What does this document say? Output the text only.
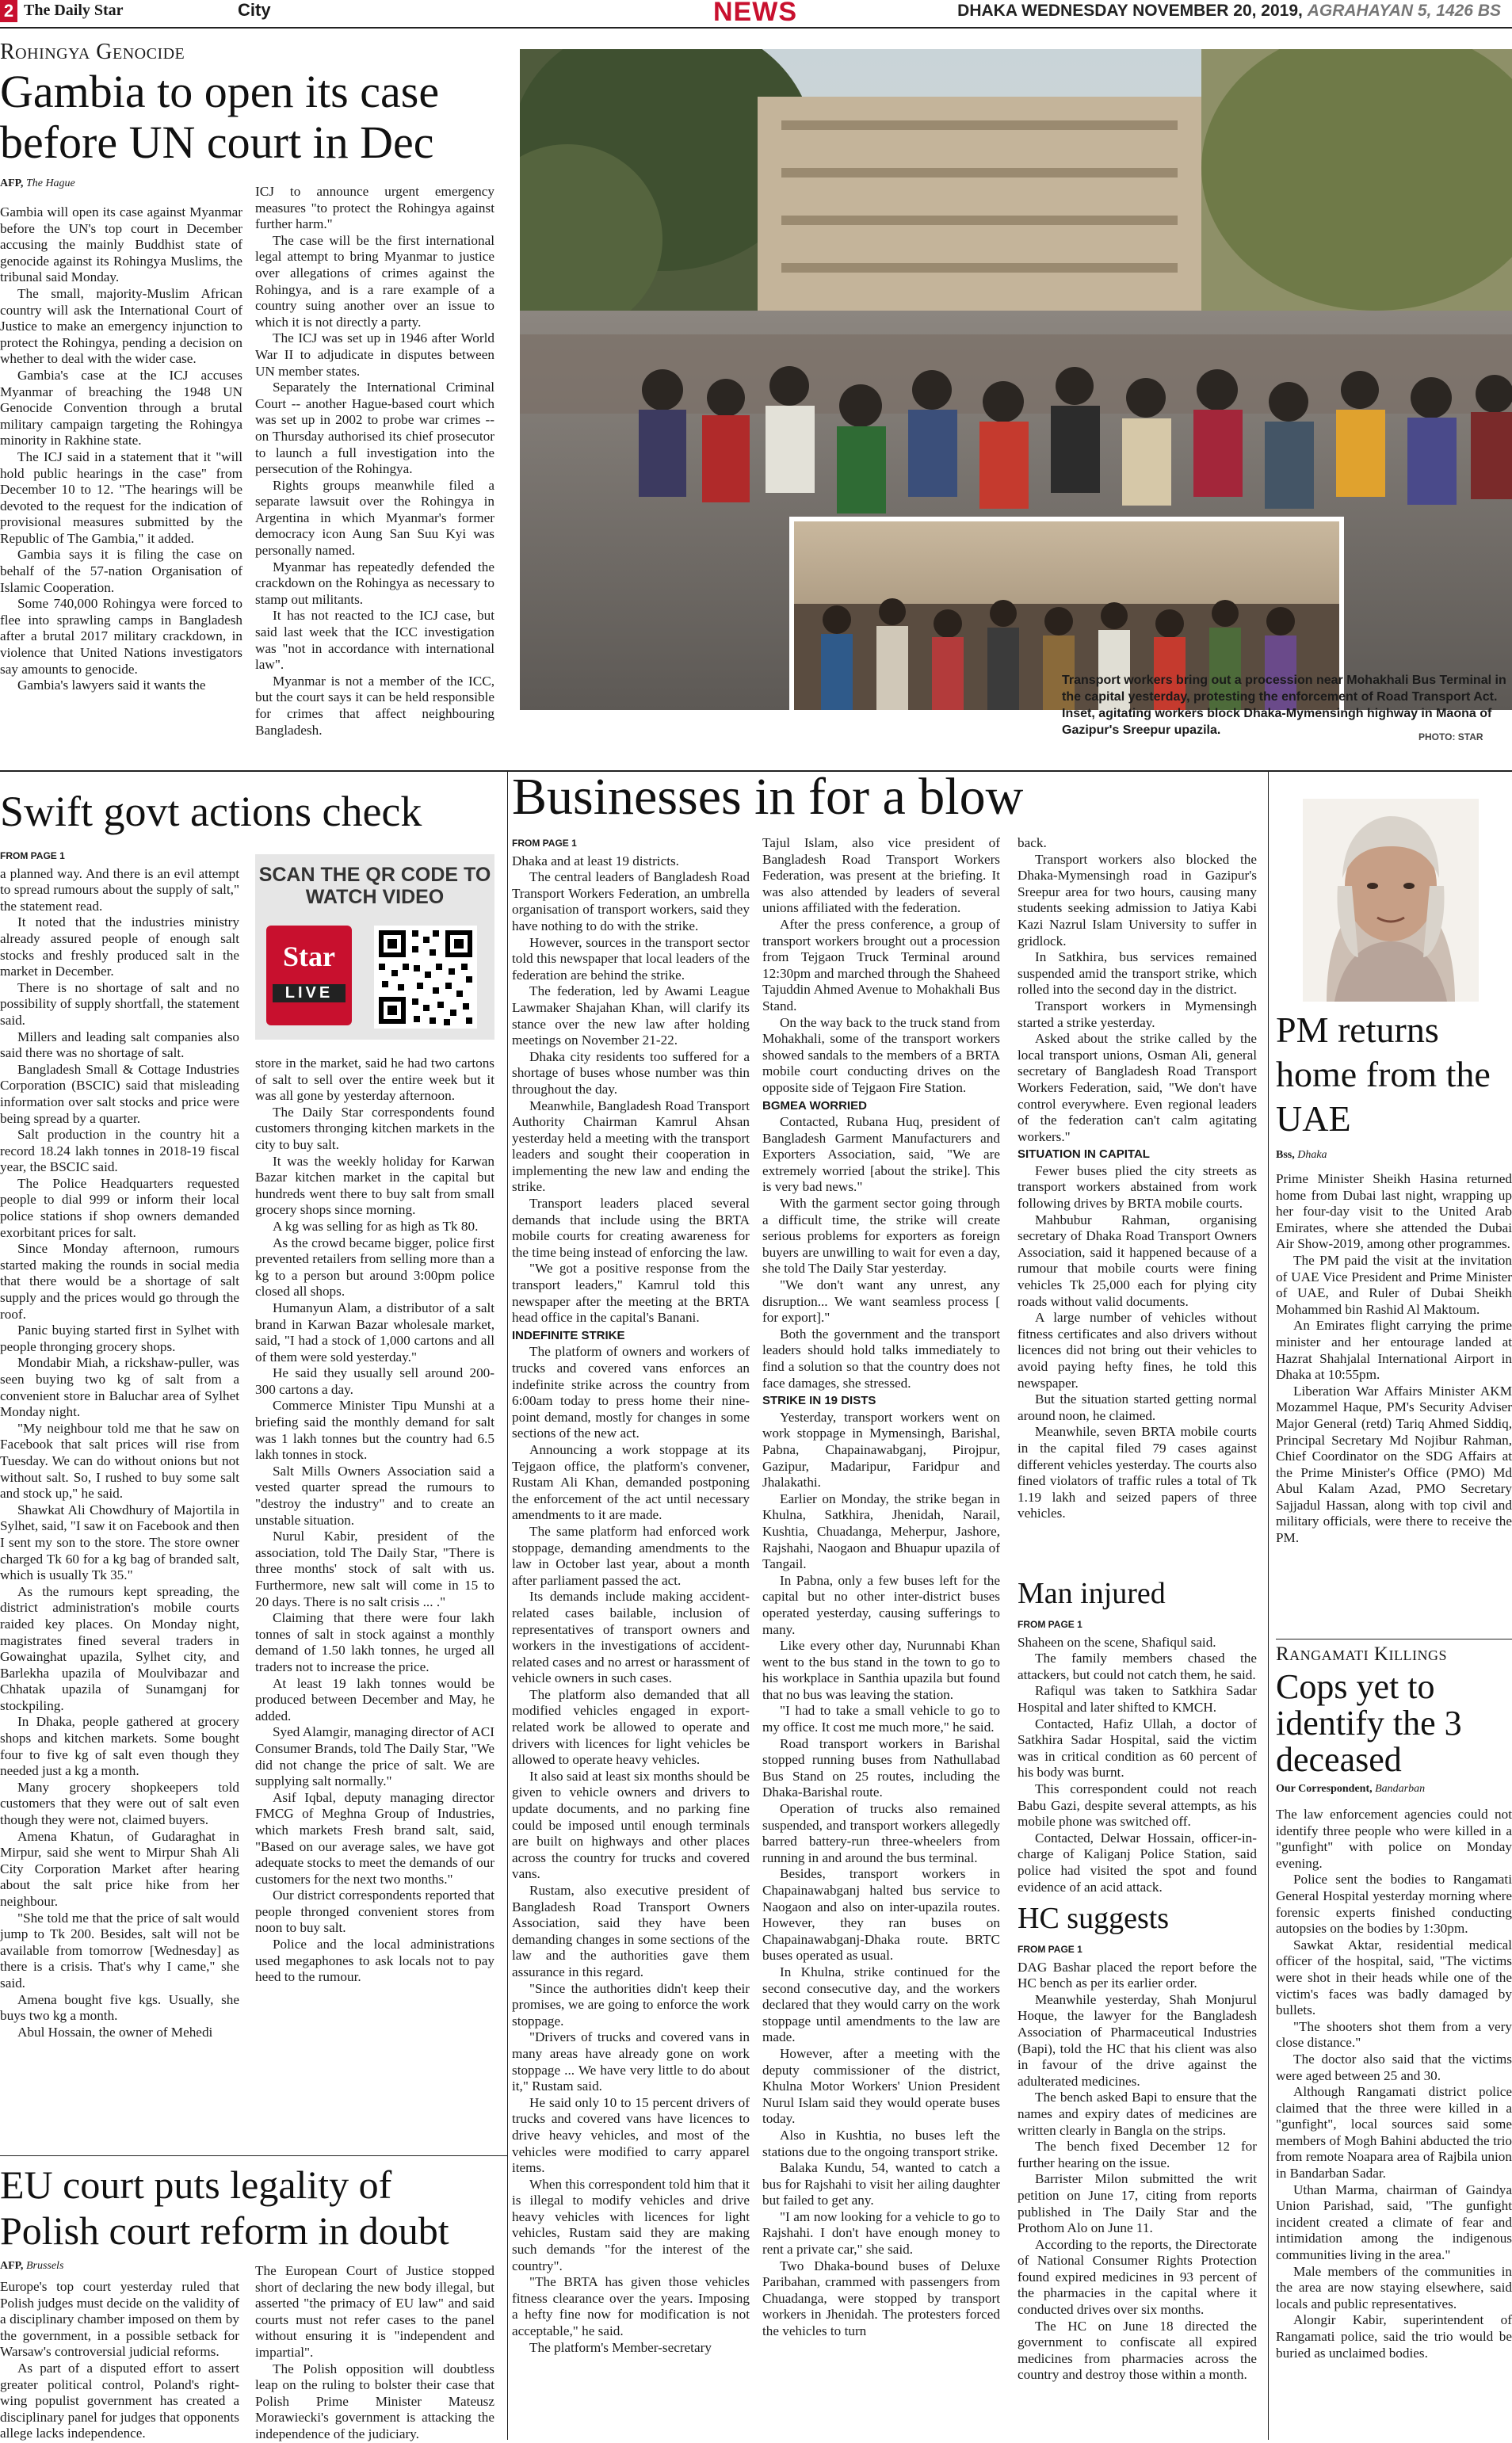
2 The Daily Star	City	NEWS	DHAKA WEDNESDAY NOVEMBER 20, 2019, AGRAHAYAN 5, 1426 BS
Rohingya Genocide
Gambia to open its case
before UN court in Dec
AFP, The Hague

Gambia will open its case against Myanmar before the UN's top court in December accusing the mainly Buddhist state of genocide against its Rohingya Muslims, the tribunal said Monday.

The small, majority-Muslim African country will ask the International Court of Justice to make an emergency injunction to protect the Rohingya, pending a decision on whether to deal with the wider case.

Gambia's case at the ICJ accuses Myanmar of breaching the 1948 UN Genocide Convention through a brutal military campaign targeting the Rohingya minority in Rakhine state.

The ICJ said in a statement that it "will hold public hearings in the case" from December 10 to 12. "The hearings will be devoted to the request for the indication of provisional measures submitted by the Republic of The Gambia," it added.

Gambia says it is filing the case on behalf of the 57-nation Organisation of Islamic Cooperation.

Some 740,000 Rohingya were forced to flee into sprawling camps in Bangladesh after a brutal 2017 military crackdown, in violence that United Nations investigators say amounts to genocide.

Gambia's lawyers said it wants the

ICJ to announce urgent emergency measures "to protect the Rohingya against further harm."

The case will be the first international legal attempt to bring Myanmar to justice over allegations of crimes against the Rohingya, and is a rare example of a country suing another over an issue to which it is not directly a party.

The ICJ was set up in 1946 after World War II to adjudicate in disputes between UN member states.

Separately the International Criminal Court -- another Hague-based court which was set up in 2002 to probe war crimes -- on Thursday authorised its chief prosecutor to launch a full investigation into the persecution of the Rohingya.

Rights groups meanwhile filed a separate lawsuit over the Rohingya in Argentina in which Myanmar's former democracy icon Aung San Suu Kyi was personally named.

Myanmar has repeatedly defended the crackdown on the Rohingya as necessary to stamp out militants.

It has not reacted to the ICJ case, but said last week that the ICC investigation was "not in accordance with international law".

Myanmar is not a member of the ICC, but the court says it can be held responsible for crimes that affect neighbouring Bangladesh.

Transport workers bring out a procession near Mohakhali Bus Terminal in the capital yesterday, protesting the enforcement of Road Transport Act. Inset, agitating workers block Dhaka-Mymensingh highway in Maona of Gazipur's Sreepur upazila.	PHOTO: STAR
Swift govt actions check
FROM PAGE 1

a planned way. And there is an evil attempt to spread rumours about the supply of salt," the statement read.

It noted that the industries ministry already assured people of enough salt stocks and freshly produced salt in the market in December.

There is no shortage of salt and no possibility of supply shortfall, the statement said.

Millers and leading salt companies also said there was no shortage of salt.

Bangladesh Small & Cottage Industries Corporation (BSCIC) said that misleading information over salt stocks and price were being spread by a quarter.

Salt production in the country hit a record 18.24 lakh tonnes in 2018-19 fiscal year, the BSCIC said.

The Police Headquarters requested people to dial 999 or inform their local police stations if shop owners demanded exorbitant prices for salt.

Since Monday afternoon, rumours started making the rounds in social media that there would be a shortage of salt supply and the prices would go through the roof.

Panic buying started first in Sylhet with people thronging grocery shops.

Mondabir Miah, a rickshaw-puller, was seen buying two kg of salt from a convenient store in Baluchar area of Sylhet Monday night.

"My neighbour told me that he saw on Facebook that salt prices will rise from Tuesday. We can do without onions but not without salt. So, I rushed to buy some salt and stock up," he said.

Shawkat Ali Chowdhury of Majortila in Sylhet, said, "I saw it on Facebook and then I sent my son to the store. The store owner charged Tk 60 for a kg bag of branded salt, which is usually Tk 35."

As the rumours kept spreading, the district administration's mobile courts raided key places. On Monday night, magistrates fined several traders in Gowainghat upazila, Sylhet city, and Barlekha upazila of Moulvibazar and Chhatak upazila of Sunamganj for stockpiling.

In Dhaka, people gathered at grocery shops and kitchen markets. Some bought four to five kg of salt even though they needed just a kg a month.

Many grocery shopkeepers told customers that they were out of salt even though they were not, claimed buyers.

Amena Khatun, of Gudaraghat in Mirpur, said she went to Mirpur Shah Ali City Corporation Market after hearing about the salt price hike from her neighbour.

"She told me that the price of salt would jump to Tk 200. Besides, salt will not be available from tomorrow [Wednesday] as there is a crisis. That's why I came," she said.

Amena bought five kgs. Usually, she buys two kg a month.

Abul Hossain, the owner of Mehedi

SCAN THE QR CODE TO WATCH VIDEO
Star
LIVE

store in the market, said he had two cartons of salt to sell over the entire week but it was all gone by yesterday afternoon.

The Daily Star correspondents found customers thronging kitchen markets in the city to buy salt.

It was the weekly holiday for Karwan Bazar kitchen market in the capital but hundreds went there to buy salt from small grocery shops since morning.

A kg was selling for as high as Tk 80.

As the crowd became bigger, police first prevented retailers from selling more than a kg to a person but around 3:00pm police closed all shops.

Humanyun Alam, a distributor of a salt brand in Karwan Bazar wholesale market, said, "I had a stock of 1,000 cartons and all of them were sold yesterday."

He said they usually sell around 200-300 cartons a day.

Commerce Minister Tipu Munshi at a briefing said the monthly demand for salt was 1 lakh tonnes but the country had 6.5 lakh tonnes in stock.

Salt Mills Owners Association said a vested quarter spread the rumours to "destroy the industry" and to create an unstable situation.

Nurul Kabir, president of the association, told The Daily Star, "There is three months' stock of salt with us. Furthermore, new salt will come in 15 to 20 days. There is no salt crisis ... ."

Claiming that there were four lakh tonnes of salt in stock against a monthly demand of 1.50 lakh tonnes, he urged all traders not to increase the price.

At least 19 lakh tonnes would be produced between December and May, he added.

Syed Alamgir, managing director of ACI Consumer Brands, told The Daily Star, "We did not change the price of salt. We are supplying salt normally."

Asif Iqbal, deputy managing director FMCG of Meghna Group of Industries, which markets Fresh brand salt, said, "Based on our average sales, we have got adequate stocks to meet the demands of our customers for the next two months."

Our district correspondents reported that people thronged convenient stores from noon to buy salt.

Police and the local administrations used megaphones to ask locals not to pay heed to the rumour.

Businesses in for a blow
FROM PAGE 1

Dhaka and at least 19 districts.

The central leaders of Bangladesh Road Transport Workers Federation, an umbrella organisation of transport workers, said they have nothing to do with the strike.

However, sources in the transport sector told this newspaper that local leaders of the federation are behind the strike.

The federation, led by Awami League Lawmaker Shajahan Khan, will clarify its stance over the new law after holding meetings on November 21-22.

Dhaka city residents too suffered for a shortage of buses whose number was thin throughout the day.

Meanwhile, Bangladesh Road Transport Authority Chairman Kamrul Ahsan yesterday held a meeting with the transport leaders and sought their cooperation in implementing the new law and ending the strike.

Transport leaders placed several demands that include using the BRTA mobile courts for creating awareness for the time being instead of enforcing the law.

"We got a positive response from the transport leaders," Kamrul told this newspaper after the meeting at the BRTA head office in the capital's Banani.

INDEFINITE STRIKE

The platform of owners and workers of trucks and covered vans enforces an indefinite strike across the country from 6:00am today to press home their nine-point demand, mostly for changes in some sections of the new act.

Announcing a work stoppage at its Tejgaon office, the platform's convener, Rustam Ali Khan, demanded postponing the enforcement of the act until necessary amendments to it are made.

The same platform had enforced work stoppage, demanding amendments to the law in October last year, about a month after parliament passed the act.

Its demands include making accident-related cases bailable, inclusion of representatives of transport owners and workers in the investigations of accident-related cases and no arrest or harassment of vehicle owners in such cases.

The platform also demanded that all modified vehicles engaged in export-related work be allowed to operate and drivers with licences for light vehicles be allowed to operate heavy vehicles.

It also said at least six months should be given to vehicle owners and drivers to update documents, and no parking fine could be imposed until enough terminals are built on highways and other places across the country for trucks and covered vans.

Rustam, also executive president of Bangladesh Road Transport Owners Association, said they have been demanding changes in some sections of the law and the authorities gave them assurance in this regard.

"Since the authorities didn't keep their promises, we are going to enforce the work stoppage.

"Drivers of trucks and covered vans in many areas have already gone on work stoppage ... We have very little to do about it," Rustam said.

He said only 10 to 15 percent drivers of trucks and covered vans have licences to drive heavy vehicles, and most of the vehicles were modified to carry apparel items.

When this correspondent told him that it is illegal to modify vehicles and drive heavy vehicles with licences for light vehicles, Rustam said they are making such demands "for the interest of the country".

"The BRTA has given those vehicles fitness clearance over the years. Imposing a hefty fine now for modification is not acceptable," he said.

The platform's Member-secretary

Tajul Islam, also vice president of Bangladesh Road Transport Workers Federation, was present at the briefing. It was also attended by leaders of several unions affiliated with the federation.

After the press conference, a group of transport workers brought out a procession from Tejgaon Truck Terminal around 12:30pm and marched through the Shaheed Tajuddin Ahmed Avenue to Mohakhali Bus Stand.

On the way back to the truck stand from Mohakhali, some of the transport workers showed sandals to the members of a BRTA mobile court conducting drives on the opposite side of Tejgaon Fire Station.

BGMEA WORRIED

Contacted, Rubana Huq, president of Bangladesh Garment Manufacturers and Exporters Association, said, "We are extremely worried [about the strike]. This is very bad news."

With the garment sector going through a difficult time, the strike will create serious problems for exporters as foreign buyers are unwilling to wait for even a day, she told The Daily Star yesterday.

"We don't want any unrest, any disruption... We want seamless process [ for export]."

Both the government and the transport leaders should hold talks immediately to find a solution so that the country does not face damages, she stressed.

STRIKE IN 19 DISTS

Yesterday, transport workers went on work stoppage in Mymensingh, Barishal, Pabna, Chapainawabganj, Pirojpur, Gazipur, Madaripur, Faridpur and Jhalakathi.

Earlier on Monday, the strike began in Khulna, Satkhira, Jhenidah, Narail, Kushtia, Chuadanga, Meherpur, Jashore, Rajshahi, Naogaon and Bhuapur upazila of Tangail.

In Pabna, only a few buses left for the capital but no other inter-district buses operated yesterday, causing sufferings to many.

Like every other day, Nurunnabi Khan went to the bus stand in the town to go to his workplace in Santhia upazila but found that no bus was leaving the station.

"I had to take a small vehicle to go to my office. It cost me much more," he said.

Road transport workers in Barishal stopped running buses from Nathullabad Bus Stand on 25 routes, including the Dhaka-Barishal route.

Operation of trucks also remained suspended, and transport workers allegedly barred battery-run three-wheelers from running in and around the bus terminal.

Besides, transport workers in Chapainawabganj halted bus service to Naogaon and also on inter-upazila routes. However, they ran buses on Chapainawabganj-Dhaka route. BRTC buses operated as usual.

In Khulna, strike continued for the second consecutive day, and the workers declared that they would carry on the work stoppage until amendments to the law are made.

However, after a meeting with the deputy commissioner of the district, Khulna Motor Workers' Union President Nurul Islam said they would operate buses today.

Also in Kushtia, no buses left the stations due to the ongoing transport strike.

Balaka Kundu, 54, wanted to catch a bus for Rajshahi to visit her ailing daughter but failed to get any.

"I am now looking for a vehicle to go to Rajshahi. I don't have enough money to rent a private car," she said.

Two Dhaka-bound buses of Deluxe Paribahan, crammed with passengers from Chuadanga, were stopped by transport workers in Jhenidah. The protesters forced the vehicles to turn

back.

Transport workers also blocked the Dhaka-Mymensingh road in Gazipur's Sreepur area for two hours, causing many students seeking admission to Jatiya Kabi Kazi Nazrul Islam University to suffer in gridlock.

In Satkhira, bus services remained suspended amid the transport strike, which rolled into the second day in the district.

Transport workers in Mymensingh started a strike yesterday.

Asked about the strike called by the local transport unions, Osman Ali, general secretary of Bangladesh Road Transport Workers Federation, said, "We don't have control everywhere. Even regional leaders of the federation can't calm agitating workers."

SITUATION IN CAPITAL

Fewer buses plied the city streets as transport workers abstained from work following drives by BRTA mobile courts.

Mahbubur Rahman, organising secretary of Dhaka Road Transport Owners Association, said it happened because of a rumour that mobile courts were fining vehicles Tk 25,000 each for plying city roads without valid documents.

A large number of vehicles without fitness certificates and also drivers without licences did not bring out their vehicles to avoid paying hefty fines, he told this newspaper.

But the situation started getting normal around noon, he claimed.

Meanwhile, seven BRTA mobile courts in the capital filed 79 cases against different vehicles yesterday. The courts also fined violators of traffic rules a total of Tk 1.19 lakh and seized papers of three vehicles.

Man injured
FROM PAGE 1

Shaheen on the scene, Shafiqul said.

The family members chased the attackers, but could not catch them, he said.

Rafiqul was taken to Satkhira Sadar Hospital and later shifted to KMCH.

Contacted, Hafiz Ullah, a doctor of Satkhira Sadar Hospital, said the victim was in critical condition as 60 percent of his body was burnt.

This correspondent could not reach Babu Gazi, despite several attempts, as his mobile phone was switched off.

Contacted, Delwar Hossain, officer-in-charge of Kaliganj Police Station, said police had visited the spot and found evidence of an acid attack.

HC suggests
FROM PAGE 1

DAG Bashar placed the report before the HC bench as per its earlier order.

Meanwhile yesterday, Shah Monjurul Hoque, the lawyer for the Bangladesh Association of Pharmaceutical Industries (Bapi), told the HC that his client was also in favour of the drive against the adulterated medicines.

The bench asked Bapi to ensure that the names and expiry dates of medicines are written clearly in Bangla on the strips.

The bench fixed December 12 for further hearing on the issue.

Barrister Milon submitted the writ petition on June 17, citing from reports published in The Daily Star and the Prothom Alo on June 11.

According to the reports, the Directorate of National Consumer Rights Protection found expired medicines in 93 percent of the pharmacies in the capital where it conducted drives over six months.

The HC on June 18 directed the government to confiscate all expired medicines from pharmacies across the country and destroy those within a month.

PM returns home from the UAE
Bss, Dhaka

Prime Minister Sheikh Hasina returned home from Dubai last night, wrapping up her four-day visit to the United Arab Emirates, where she attended the Dubai Air Show-2019, among other programmes.

The PM paid the visit at the invitation of UAE Vice President and Prime Minister of UAE, and Ruler of Dubai Sheikh Mohammed bin Rashid Al Maktoum.

An Emirates flight carrying the prime minister and her entourage landed at Hazrat Shahjalal International Airport in Dhaka at 10:55pm.

Liberation War Affairs Minister AKM Mozammel Haque, PM's Security Adviser Major General (retd) Tariq Ahmed Siddiq, Principal Secretary Md Nojibur Rahman, Chief Coordinator on the SDG Affairs at the Prime Minister's Office (PMO) Md Abul Kalam Azad, PMO Secretary Sajjadul Hassan, along with top civil and military officials, were there to receive the PM.

Rangamati Killings
Cops yet to identify the 3 deceased
Our Correspondent, Bandarban

The law enforcement agencies could not identify three people who were killed in a "gunfight" with police on Monday evening.

Police sent the bodies to Rangamati General Hospital yesterday morning where forensic experts finished conducting autopsies on the bodies by 1:30pm.

Sawkat Aktar, residential medical officer of the hospital, said, "The victims were shot in their heads while one of the victim's faces was badly damaged by bullets.

"The shooters shot them from a very close distance."

The doctor also said that the victims were aged between 25 and 30.

Although Rangamati district police claimed that the three were killed in a "gunfight", local sources said some members of Mogh Bahini abducted the trio from remote Noapara area of Rajbila union in Bandarban Sadar.

Uthan Marma, chairman of Gaindya Union Parishad, said, "The gunfight incident created a climate of fear and intimidation among the indigenous communities living in the area."

Male members of the communities in the area are now staying elsewhere, said locals and public representatives.

Alongir Kabir, superintendent of Rangamati police, said the trio would be buried as unclaimed bodies.

EU court puts legality of
Polish court reform in doubt
AFP, Brussels

Europe's top court yesterday ruled that Polish judges must decide on the validity of a disciplinary chamber imposed on them by the government, in a possible setback for Warsaw's controversial judicial reforms.

As part of a disputed effort to assert greater political control, Poland's right-wing populist government has created a disciplinary panel for judges that opponents allege lacks independence.

The European Court of Justice stopped short of declaring the new body illegal, but asserted "the primacy of EU law" and said courts must not refer cases to the panel without ensuring it is "independent and impartial".

The Polish opposition will doubtless leap on the ruling to bolster their case that Polish Prime Minister Mateusz Morawiecki's government is attacking the independence of the judiciary.
